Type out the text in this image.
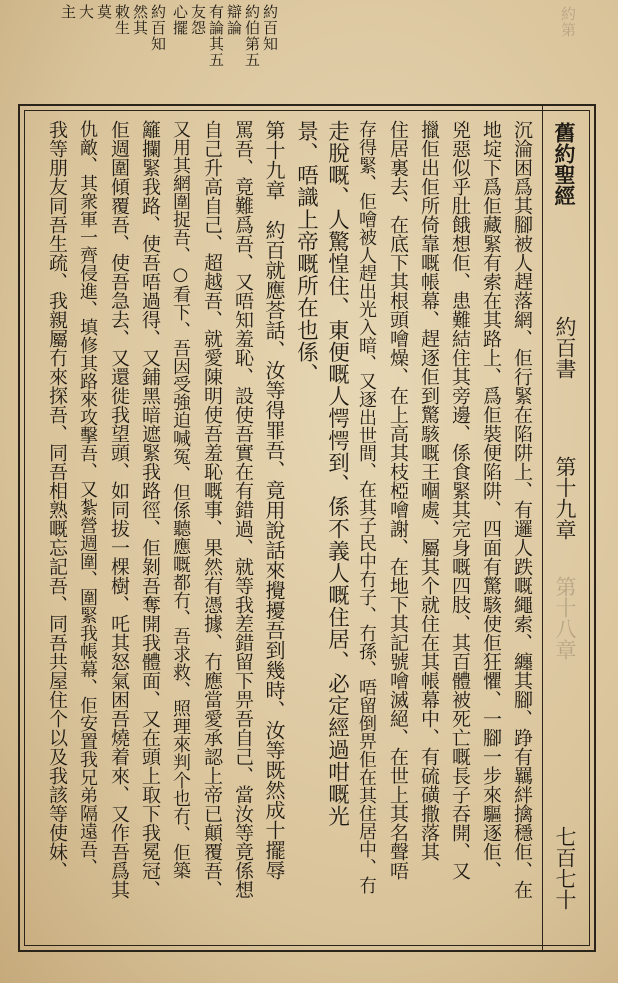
約百知
約伯第五
辯論
有論其五
友怨
心擺
約百知
然其
敕生
莫
大
主	約第
舊約聖經
約百書
第十九章
第十八章
七百七十
沉淪困爲其腳被人趕落網、佢行緊在陷阱上、有邏人跌嘅繩索、纏其腳、踭有羈絆擒穩佢、在
地埞下爲佢藏緊有索在其路上、爲佢裝便陷阱、四面有驚駭使佢狂懼、一腳一步來驅逐佢、
兇惡似乎肚餓想佢、患難結住其旁邊、係食緊其完身嘅四肢、其百體被死亡嘅長子吞開、又
擸佢出佢所倚靠嘅帳幕、趕逐佢到驚駭嘅王嗰處、屬其个就住在其帳幕中、有硫磺撒落其
住居裏去、在底下其根頭噲燥、在上高其枝椏噲謝、在地下其記號噲滅絕、在世上其名聲唔
存得緊、佢噲被人趕出光入暗、又逐出世間、在其子民中冇子、冇孫、唔留倒畀佢在其住居中、冇
走脫嘅、人驚惶住、東便嘅人愕愕到、係不義人嘅住居、必定經過咁嘅光
景、唔識上帝嘅所在也係、
第十九章　約百就應荅話、汝等得罪吾、竟用說話來攪擾吾到幾時、汝等既然成十擺辱
罵吾、竟難爲吾、又唔知羞恥、設使吾實在有錯過、就等我差錯留下畀吾自己、當汝等竟係想
自己升高自己、超越吾、就愛陳明使吾羞恥嘅事、果然有憑據、冇應當愛承認上帝已顛覆吾、
又用其網圍捉吾、○看下、吾因受強迫喊冤、但係聽應嘅都冇、吾求救、照理來判个也冇、佢築
籬攔緊我路、使吾唔過得、又鋪黑暗遮緊我路徑、佢剝吾奪開我體面、又在頭上取下我冕冠、
佢週圍傾覆吾、使吾急去、又還徙我望頭、如同拔一棵樹、吒其怒氣困吾燒着來、又作吾爲其
仇敵、其衆軍一齊侵進、填修其路來攻擊吾、又紮營週圍、圍緊我帳幕、佢安置我兄弟隔遠吾、
我等朋友同吾生疏、我親屬冇來探吾、同吾相熟嘅忘記吾、同吾共屋住个以及我該等使妹、
